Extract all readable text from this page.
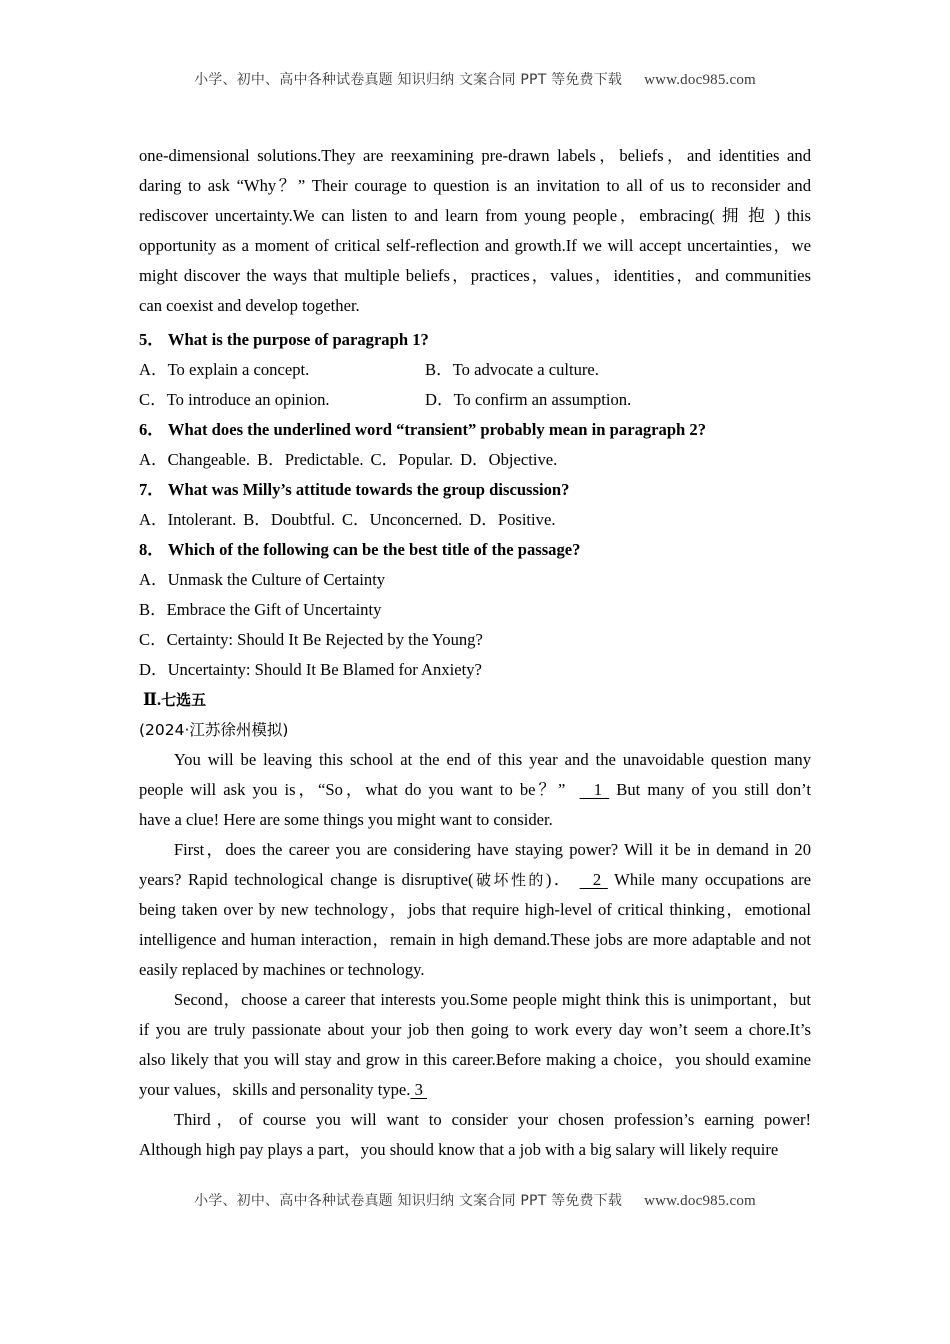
小学、初中、高中各种试卷真题 知识归纳 文案合同 PPT 等免费下载 www.doc985.com
one-dimensional solutions.They are reexamining pre-drawn labels，beliefs，and identities and
daring to ask “Why？” Their courage to question is an invitation to all of us to reconsider and
rediscover uncertainty.We can listen to and learn from young people，embracing( 拥 抱 ) this
opportunity as a moment of critical self-reflection and growth.If we will accept uncertainties，we
might discover the ways that multiple beliefs，practices，values，identities，and communities
can coexist and develop together.

5． What is the purpose of paragraph 1?

A．To explain a concept.	B．To advocate a culture.
C．To introduce an opinion.	D．To confirm an assumption.

6． What does the underlined word “transient” probably mean in paragraph 2?

A．Changeable. B．Predictable. C．Popular. D．Objective.

7． What was Milly’s attitude towards the group discussion?

A．Intolerant. B．Doubtful. C．Unconcerned. D．Positive.

8． Which of the following can be the best title of the passage?

A．Unmask the Culture of Certainty

B．Embrace the Gift of Uncertainty

C．Certainty: Should It Be Rejected by the Young?

D．Uncertainty: Should It Be Blamed for Anxiety?

Ⅱ.七选五

(2024·江苏徐州模拟)

You will be leaving this school at the end of this year and the unavoidable question many
people will ask you is，“So，what do you want to be？”    1  But many of you still don’t
have a clue! Here are some things you might want to consider.
First，does the career you are considering have staying power? Will it be in demand in 20
years? Rapid technological change is disruptive(破坏性的)．   2  While many occupations are
being taken over by new technology，jobs that require high-level of critical thinking，emotional
intelligence and human interaction，remain in high demand.These jobs are more adaptable and not
easily replaced by machines or technology.
Second，choose a career that interests you.Some people might think this is unimportant，but
if you are truly passionate about your job then going to work every day won’t seem a chore.It’s
also likely that you will stay and grow in this career.Before making a choice，you should examine
your values，skills and personality type. 3
Third，of course you will want to consider your chosen profession’s earning power!
Although high pay plays a part，you should know that a job with a big salary will likely require
小学、初中、高中各种试卷真题 知识归纳 文案合同 PPT 等免费下载 www.doc985.com
